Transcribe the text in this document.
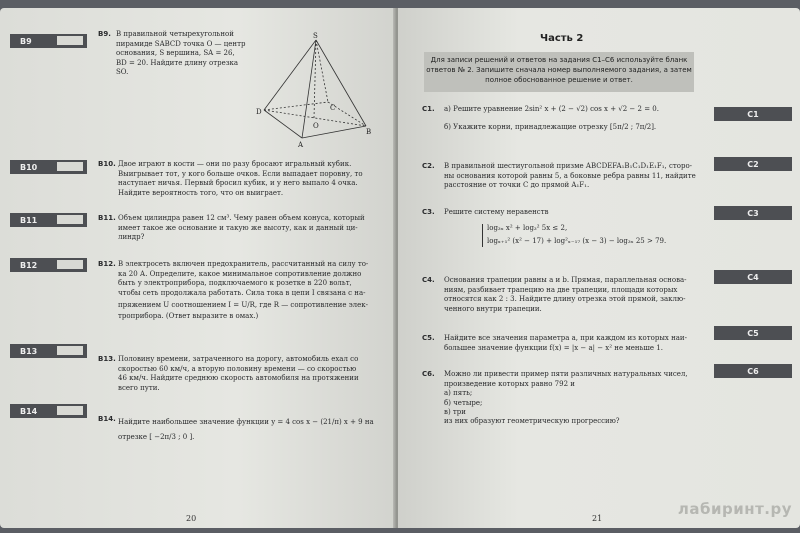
B9
B10
B11
B12
B13
B14
B9. В правильной четырехугольной
пирамиде SABCD точка O — центр
основания, S вершина, SA = 26,
BD = 20. Найдите длину отрезка
SO.
S
A
B
C
D
O
B10. Двое играют в кости — они по разу бросают игральный кубик.
Выигрывает тот, у кого больше очков. Если выпадает поровну, то
наступает ничья. Первый бросил кубик, и у него выпало 4 очка.
Найдите вероятность того, что он выиграет.
B11. Объем цилиндра равен 12 см³. Чему равен объем конуса, который
имеет такое же основание и такую же высоту, как и данный ци-
линдр?
B12. В электросеть включен предохранитель, рассчитанный на силу то-
ка 20 А. Определите, какое минимальное сопротивление должно
быть у электроприбора, подключаемого к розетке в 220 вольт,
чтобы сеть продолжала работать. Сила тока в цепи I связана с на-
пряжением U соотношением I = U/R, где R — сопротивление элек-
троприбора. (Ответ выразите в омах.)
B13. Половину времени, затраченного на дорогу, автомобиль ехал со
скоростью 60 км/ч, а вторую половину времени — со скоростью
46 км/ч. Найдите среднюю скорость автомобиля на протяжении
всего пути.
B14. Найдите наибольшее значение функции y = 4 cos x − (21/π) x + 9 на
отрезке [ −2π/3 ; 0 ].
20
Часть 2
Для записи решений и ответов на задания С1–С6 используйте бланк ответов № 2. Запишите сначала номер выполняемого задания, а затем полное обоснованное решение и ответ.
C1
C2
C3
C4
C5
C6
C1.	а) Решите уравнение 2sin² x + (2 − √2) cos x + √2 − 2 = 0.
б) Укажите корни, принадлежащие отрезку [5π/2 ; 7π/2].
C2.	В правильной шестиугольной призме ABCDEFA₁B₁C₁D₁E₁F₁, сторо-
ны основания которой равны 5, а боковые ребра равны 11, найдите
расстояние от точки C до прямой A₁F₁.
C3.	Решите систему неравенств
log₃ₓ x² + log₃² 5x ≤ 2,
logₓ₊₁² (x² − 17) + log²ₓ₋₁₇ (x − 3) − log₃ₓ 25 > 79.
C4.	Основания трапеции равны a и b. Прямая, параллельная основа-
ниям, разбивает трапецию на две трапеции, площади которых
относятся как 2 : 3. Найдите длину отрезка этой прямой, заклю-
ченного внутри трапеции.
C5.	Найдите все значения параметра a, при каждом из которых наи-
большее значение функции f(x) = |x − a| − x² не меньше 1.
C6.	Можно ли привести пример пяти различных натуральных чисел,
произведение которых равно 792 и
а) пять;
б) четыре;
в) три
из них образуют геометрическую прогрессию?
21
лабиринт.ру
